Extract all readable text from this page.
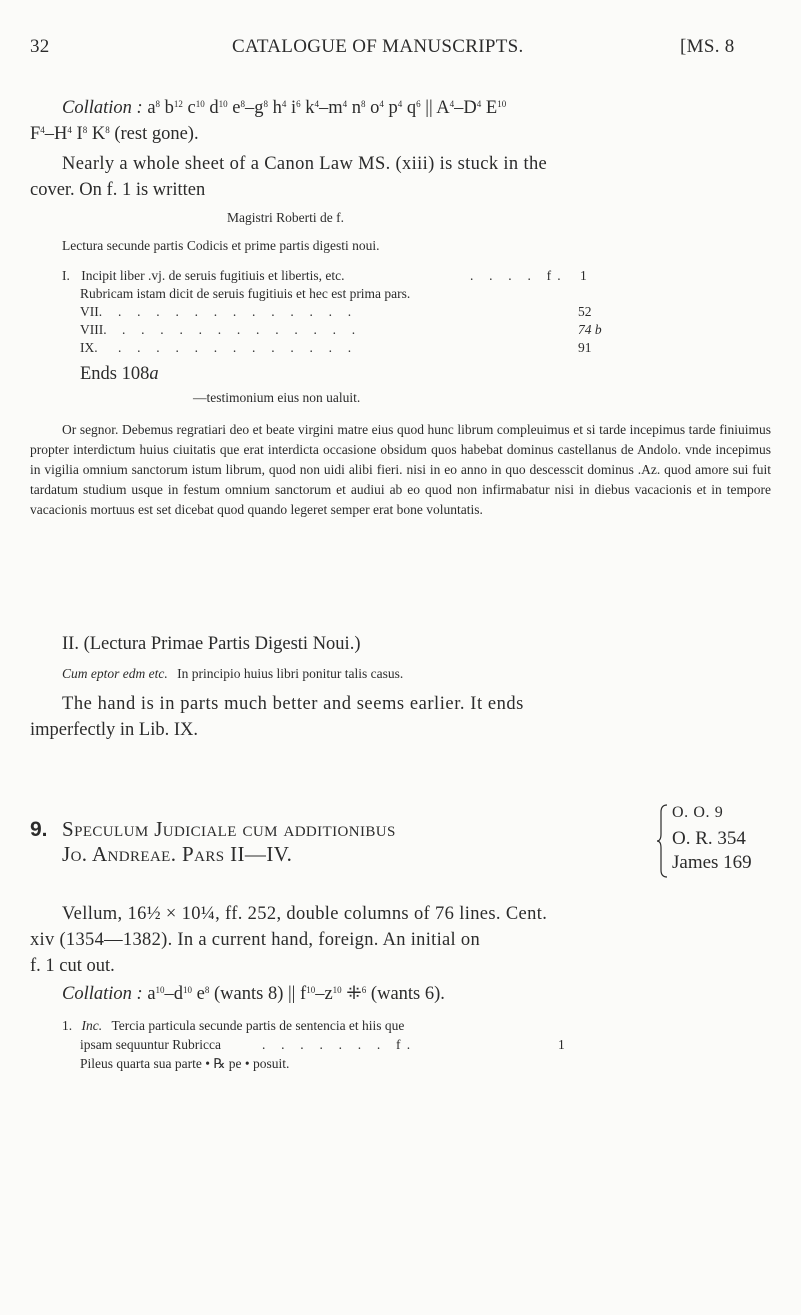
32	CATALOGUE OF MANUSCRIPTS.	[MS. 8
Collation : $a^8$ $b^{12}$ $c^{10}$ $d^{10}$ $e^8-g^8$ $h^4$ $i^6$ $k^4-m^4$ $n^8$ $o^4$ $p^4$ $q^6$ || $A^4-D^4$ $E^{10}$
$F^4-H^4$ $I^8$ $K^8$ (rest gone).
Nearly a whole sheet of a Canon Law MS. (xiii) is stuck in the
cover. On f. 1 is written
Magistri Roberti de f.
Lectura secunde partis Codicis et prime partis digesti noui.
I. Incipit liber .vj. de seruis fugitiuis et libertis, etc.	. . . . f. 1
Rubricam istam dicit de seruis fugitiuis et hec est prima pars.
VII. . . . . . . . . . . . . .	52
VIII. . . . . . . . . . . . . .	74 b
IX. . . . . . . . . . . . . .	91
Ends 108a
—testimonium eius non ualuit.
Or segnor. Debemus regratiari deo et beate virgini matre eius quod hunc librum compleuimus et si tarde incepimus tarde finiuimus propter interdictum huius ciuitatis que erat interdicta occasione obsidum quos habebat dominus castellanus de Andolo. vnde incepimus in vigilia omnium sanctorum istum librum, quod non uidi alibi fieri. nisi in eo anno in quo descesscit dominus .Az. quod amore sui fuit tardatum studium usque in festum omnium sanctorum et audiui ab eo quod non infirmabatur nisi in diebus vacacionis et in tempore vacacionis mortuus est set dicebat quod quando legeret semper erat bone voluntatis.
II. (Lectura Primae Partis Digesti Noui.)
Cum eptor edm etc. In principio huius libri ponitur talis casus.
The hand is in parts much better and seems earlier. It ends
imperfectly in Lib. IX.
9. Speculum Judiciale cum additionibus
Jo. Andreae. Pars II—IV.
O. O. 9
O. R. 354
James 169
Vellum, 16½ × 10¼, ff. 252, double columns of 76 lines. Cent.
xiv (1354—1382). In a current hand, foreign. An initial on
f. 1 cut out.
Collation : $a^{10}-d^{10}$ $e^8$ (wants 8) || $f^{10}-z^{10}$ ⁜$^6$ (wants 6).
1. Inc. Tercia particula secunde partis de sentencia et hiis que
ipsam sequuntur Rubricca	. . . . . . . f.	1
Pileus quarta sua parte • ℞ pe • posuit.
